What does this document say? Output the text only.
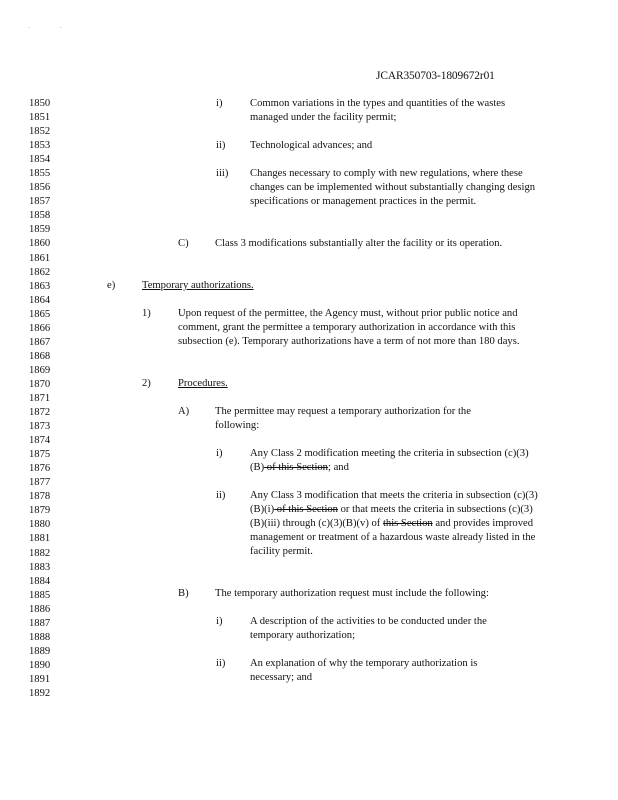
..
JCAR350703-1809672r01
1850
1851
1852
1853
1854
1855
1856
1857
1858
1859
1860
1861
1862
1863
1864
1865
1866
1867
1868
1869
1870
1871
1872
1873
1874
1875
1876
1877
1878
1879
1880
1881
1882
1883
1884
1885
1886
1887
1888
1889
1890
1891
1892
i)	Common variations in the types and quantities of the wastes managed under the facility permit;
ii) Technological advances; and
iii) Changes necessary to comply with new regulations, where these changes can be implemented without substantially changing design specifications or management practices in the permit.
C) Class 3 modifications substantially alter the facility or its operation.
e)	Temporary authorizations.
1)	Upon request of the permittee, the Agency must, without prior public notice and comment, grant the permittee a temporary authorization in accordance with this subsection (e). Temporary authorizations have a term of not more than 180 days.
2)	Procedures.
A) The permittee may request a temporary authorization for the following:
i)	Any Class 2 modification meeting the criteria in subsection (c)(3)(B) of this Section; and
ii) Any Class 3 modification that meets the criteria in subsection (c)(3)(B)(i) of this Section or that meets the criteria in subsections (c)(3)(B)(iii) through (c)(3)(B)(v) of this Section and provides improved management or treatment of a hazardous waste already listed in the facility permit.
B) The temporary authorization request must include the following:
i)	A description of the activities to be conducted under the temporary authorization;
ii) An explanation of why the temporary authorization is necessary; and
